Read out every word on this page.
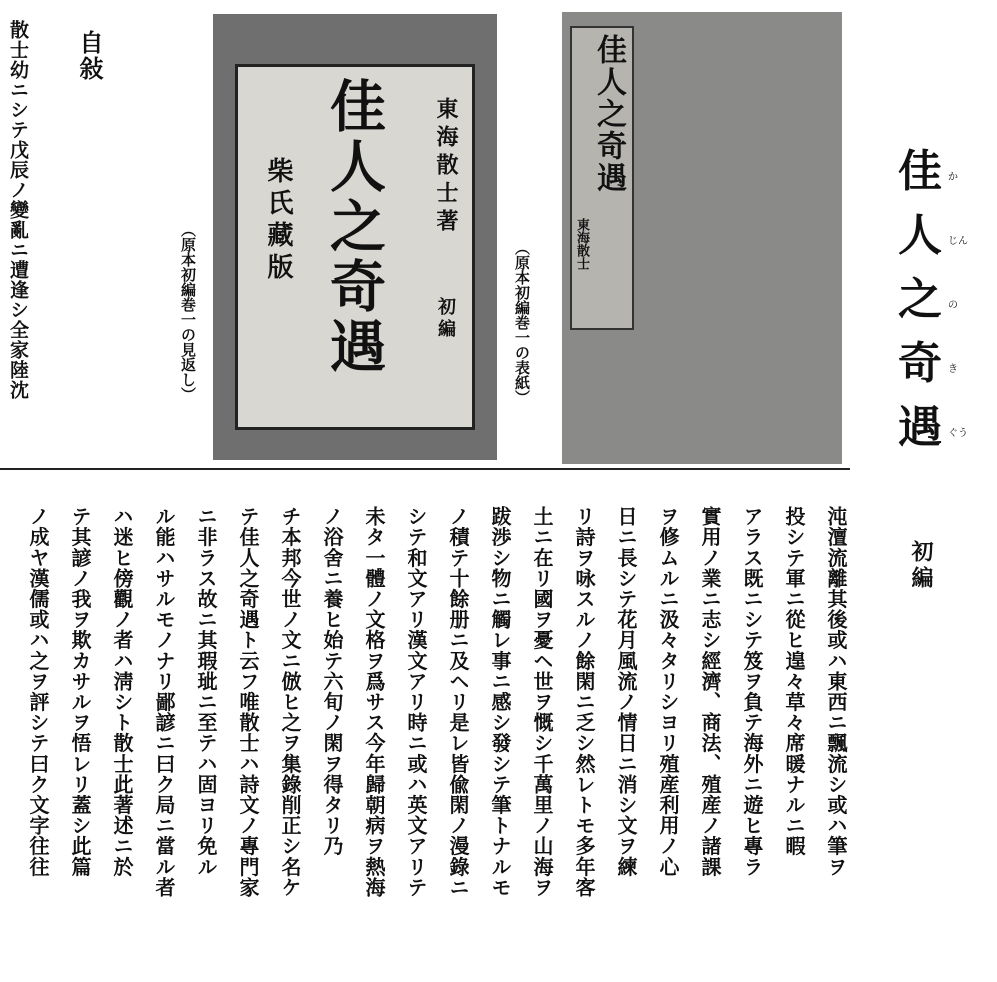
自敍
散士幼ニシテ戊辰ノ變亂ニ遭逢シ全家陸沈	（原本初編巻一の見返し）
東海散士著
初編
佳人之奇遇
柴氏藏版
（原本初編巻一の表紙）
佳人之奇遇
東海散士
佳 か
人 じん
之 の
奇 き
遇 ぐう
初編
沌澶流離其後或ハ東西ニ飄流シ或ハ筆ヲ
投シテ軍ニ從ヒ遑々草々席暖ナルニ暇
アラス既ニシテ笈ヲ負テ海外ニ遊ヒ專ラ
實用ノ業ニ志シ經濟、商法、殖産ノ諸課
ヲ修ムルニ汲々タリシヨリ殖産利用ノ心
日ニ長シテ花月風流ノ情日ニ消シ文ヲ練
リ詩ヲ咏スルノ餘閑ニ乏シ然レトモ多年客
土ニ在リ國ヲ憂ヘ世ヲ慨シ千萬里ノ山海ヲ
跋渉シ物ニ觸レ事ニ感シ發シテ筆トナルモ
ノ積テ十餘册ニ及ヘリ是レ皆偸閑ノ漫錄ニ
シテ和文アリ漢文アリ時ニ或ハ英文アリテ
未タ一體ノ文格ヲ爲サス今年歸朝病ヲ熱海
ノ浴舍ニ養ヒ始テ六旬ノ閑ヲ得タリ乃
チ本邦今世ノ文ニ倣ヒ之ヲ集錄削正シ名ケ
テ佳人之奇遇ト云フ唯散士ハ詩文ノ專門家
ニ非ラス故ニ其瑕玼ニ至テハ固ヨリ免ル
ル能ハサルモノナリ鄙諺ニ曰ク局ニ當ル者
ハ迷ヒ傍觀ノ者ハ淸シト散士此著述ニ於
テ其諺ノ我ヲ欺カサルヲ悟レリ蓋シ此篇
ノ成ヤ漢儒或ハ之ヲ評シテ曰ク文字往往
